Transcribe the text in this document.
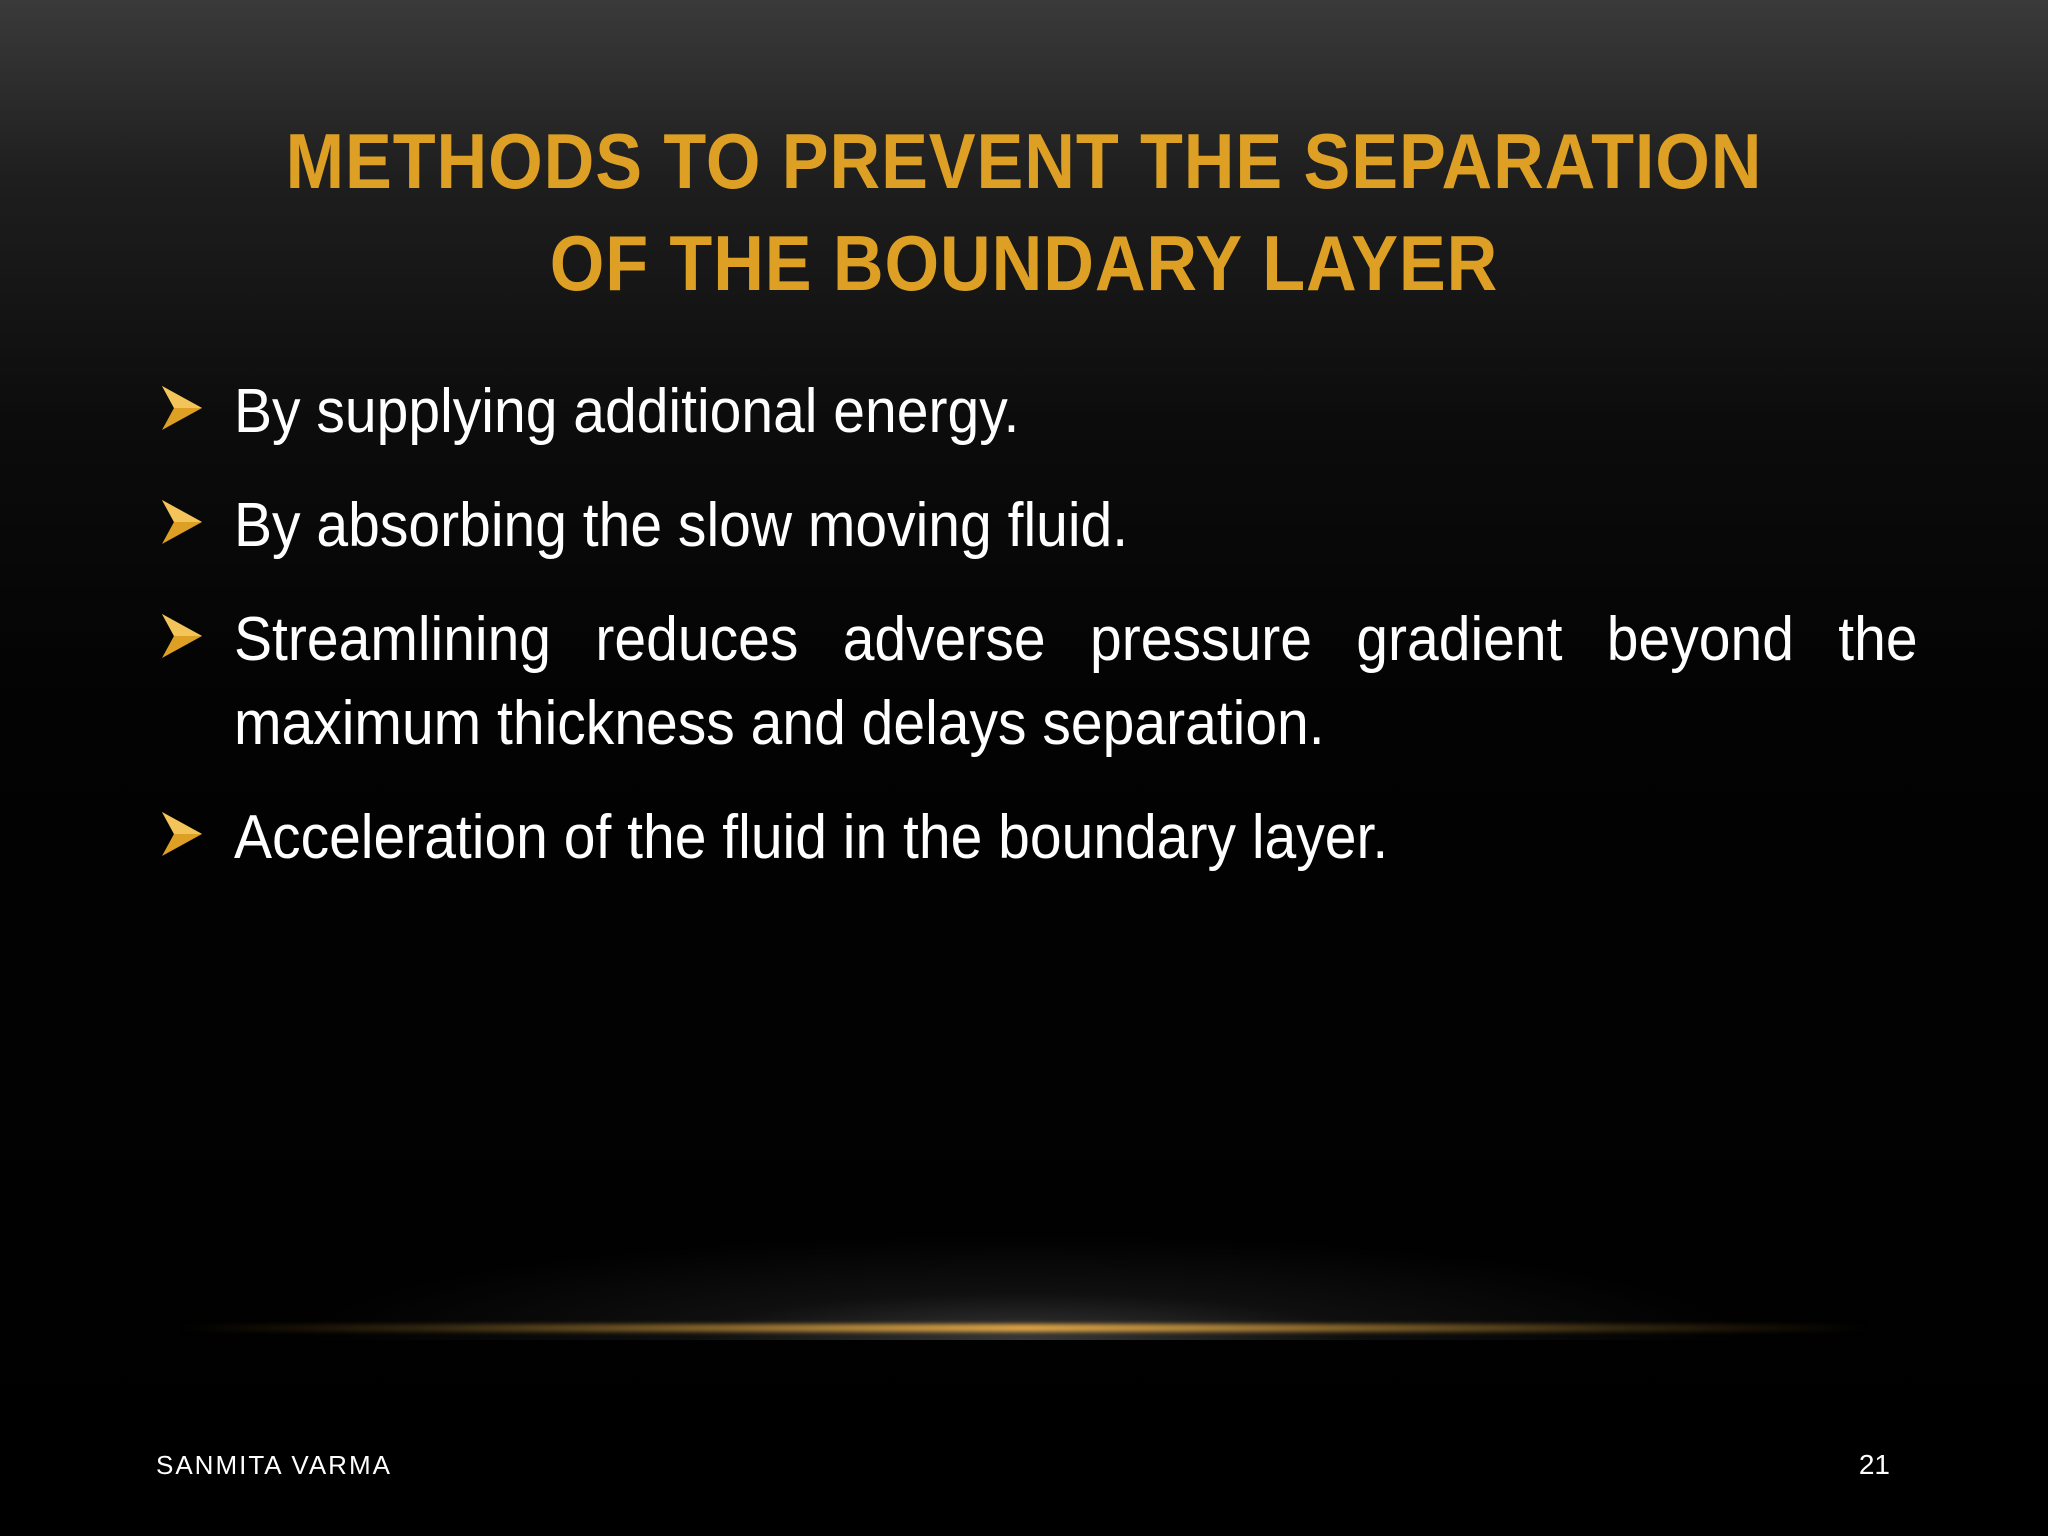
METHODS TO PREVENT THE SEPARATION OF THE BOUNDARY LAYER
By supplying additional energy.
By absorbing the slow moving fluid.
Streamlining reduces adverse pressure gradient beyond the maximum thickness and delays separation.
Acceleration of the fluid in the boundary layer.
SANMITA VARMA	21
